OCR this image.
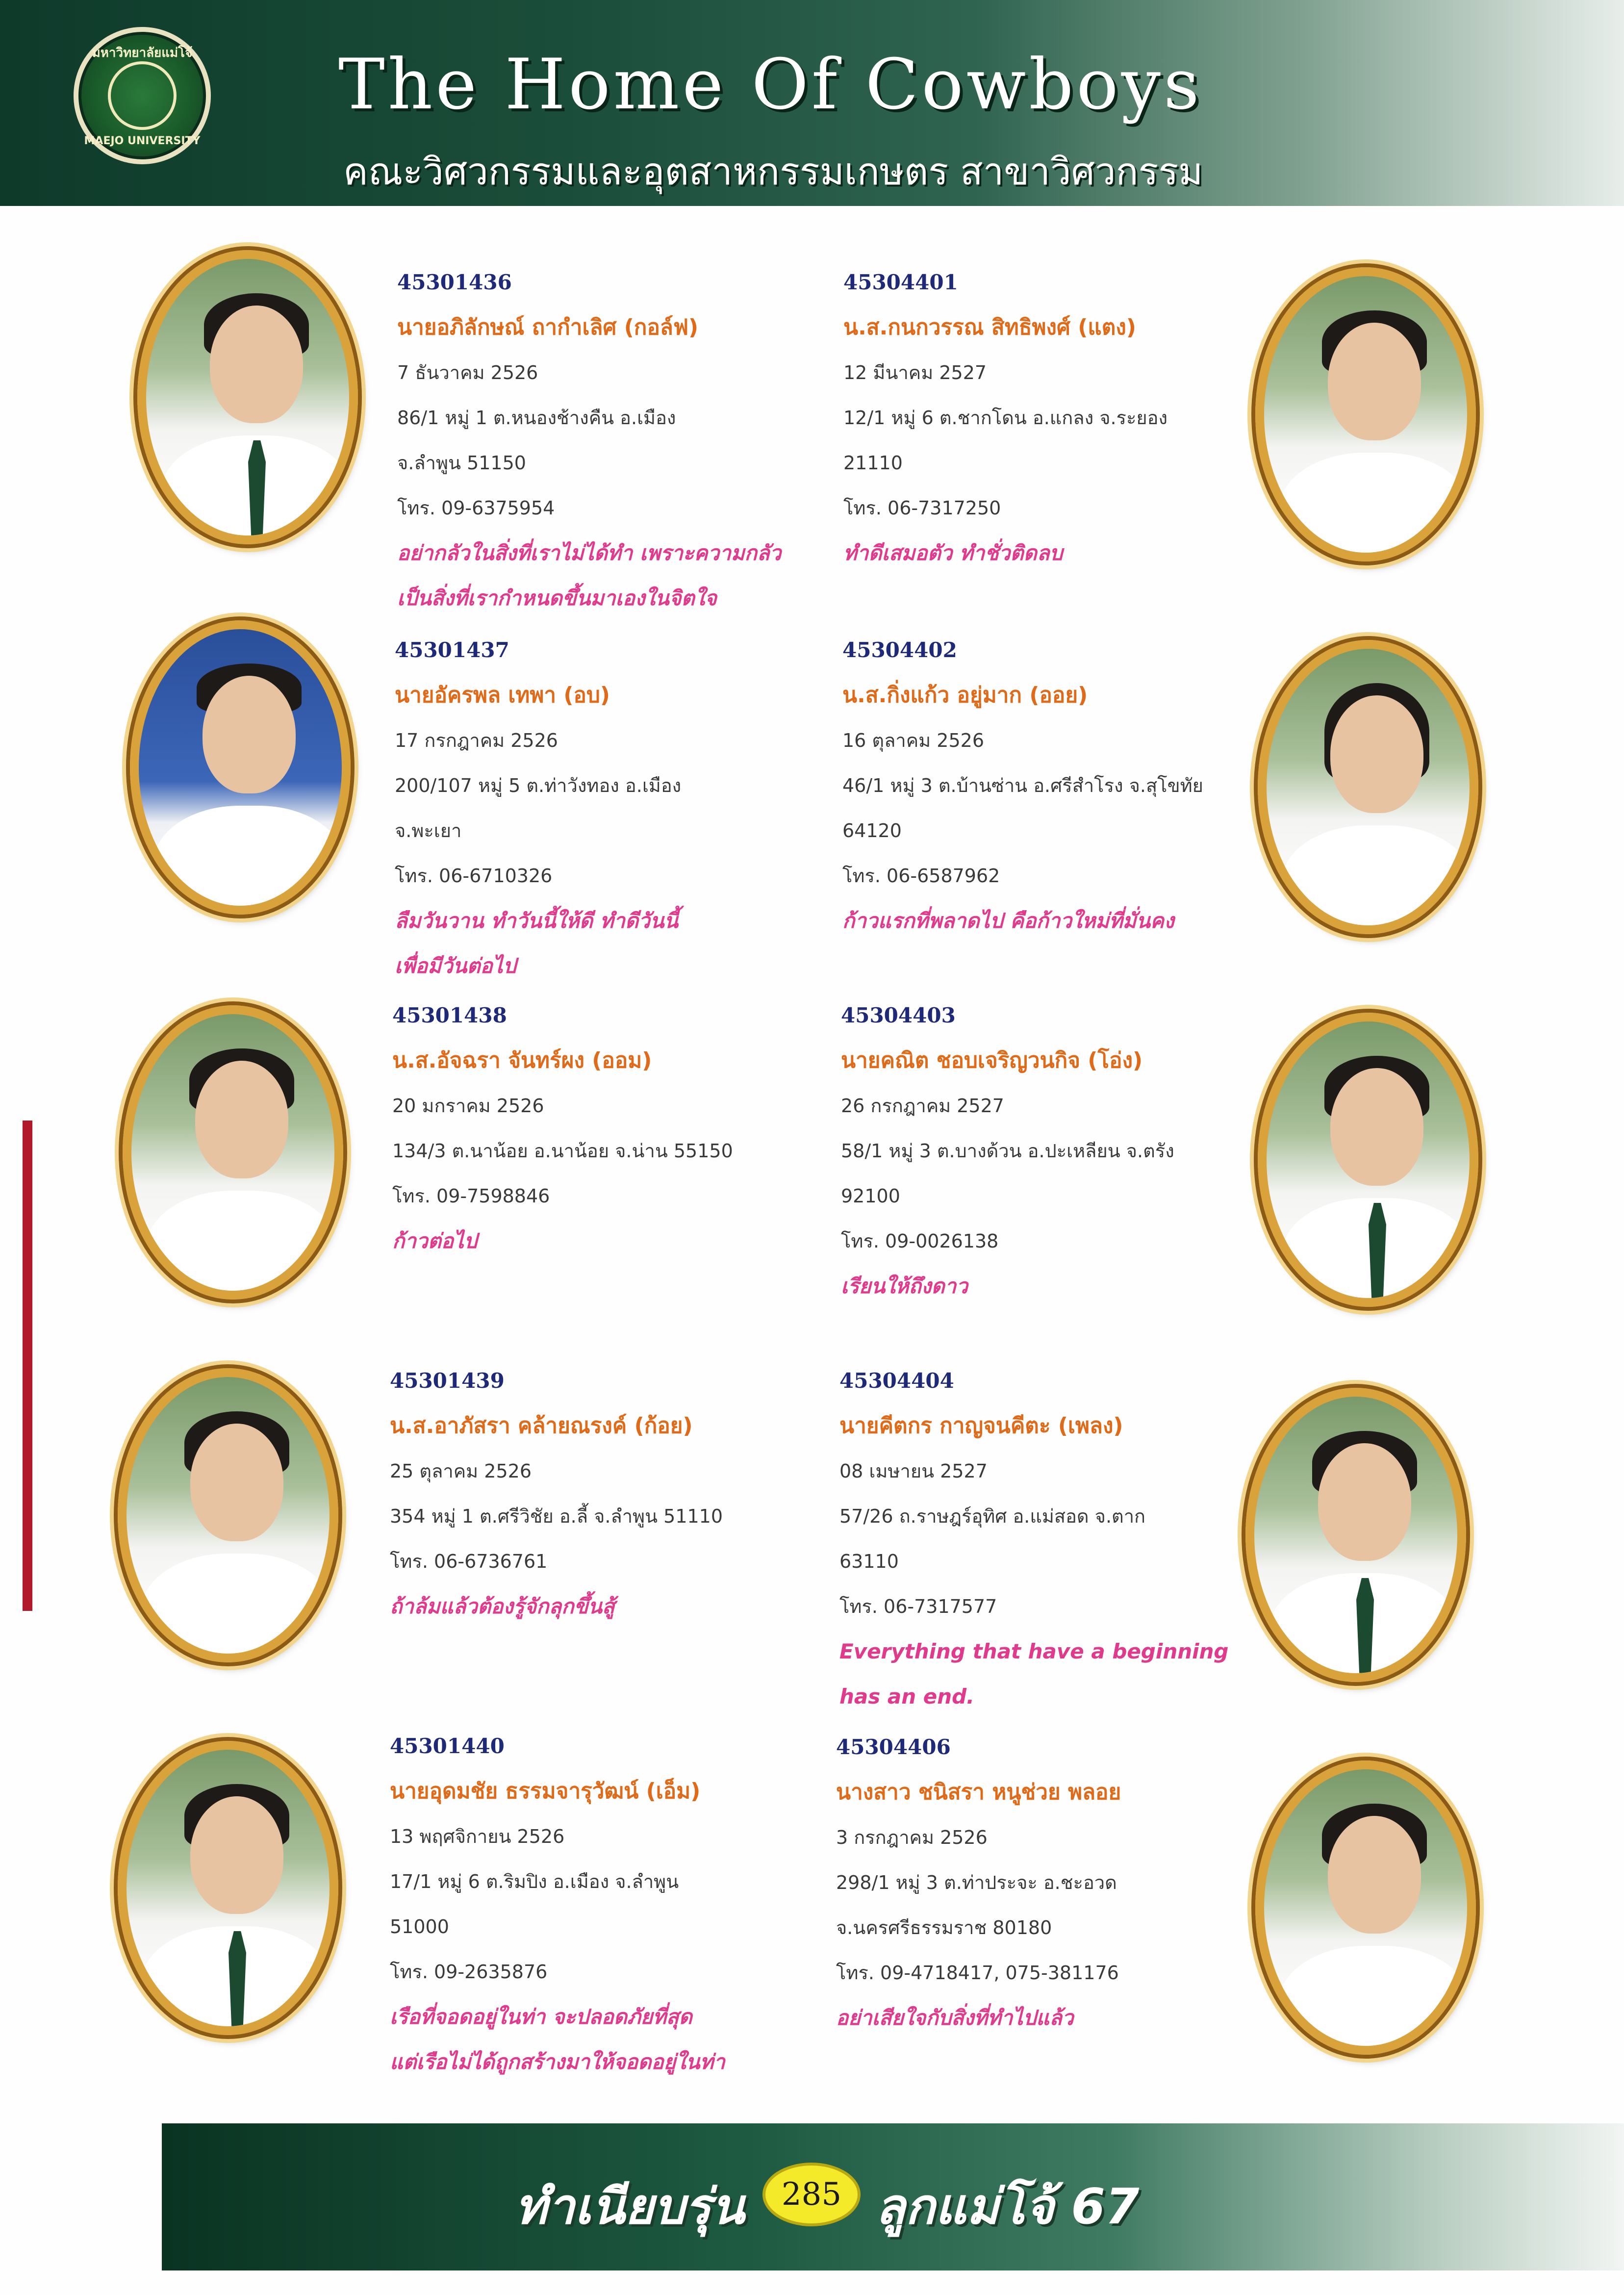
มหาวิทยาลัยแม่โจ้
MAEJO UNIVERSITY
The Home Of Cowboys
คณะวิศวกรรมและอุตสาหกรรมเกษตร สาขาวิศวกรรม
45301436
นายอภิลักษณ์ ถากำเลิศ (กอล์ฟ)
7 ธันวาคม 2526
86/1 หมู่ 1 ต.หนองช้างคืน อ.เมือง
จ.ลำพูน 51150
โทร. 09-6375954
อย่ากลัวในสิ่งที่เราไม่ได้ทำ เพราะความกลัว
เป็นสิ่งที่เรากำหนดขึ้นมาเองในจิตใจ
45301437
นายอัครพล เทพา (อบ)
17 กรกฎาคม 2526
200/107 หมู่ 5 ต.ท่าวังทอง อ.เมือง
จ.พะเยา
โทร. 06-6710326
ลืมวันวาน ทำวันนี้ให้ดี ทำดีวันนี้
เพื่อมีวันต่อไป
45301438
น.ส.อัจฉรา จันทร์ผง (ออม)
20 มกราคม 2526
134/3 ต.นาน้อย อ.นาน้อย จ.น่าน 55150
โทร. 09-7598846
ก้าวต่อไป
45301439
น.ส.อาภัสรา คล้ายณรงค์ (ก้อย)
25 ตุลาคม 2526
354 หมู่ 1 ต.ศรีวิชัย อ.ลี้ จ.ลำพูน 51110
โทร. 06-6736761
ถ้าล้มแล้วต้องรู้จักลุกขึ้นสู้
45301440
นายอุดมชัย ธรรมจารุวัฒน์ (เอ็ม)
13 พฤศจิกายน 2526
17/1 หมู่ 6 ต.ริมปิง อ.เมือง จ.ลำพูน
51000
โทร. 09-2635876
เรือที่จอดอยู่ในท่า จะปลอดภัยที่สุด
แต่เรือไม่ได้ถูกสร้างมาให้จอดอยู่ในท่า
45304401
น.ส.กนกวรรณ สิทธิพงศ์ (แตง)
12 มีนาคม 2527
12/1 หมู่ 6 ต.ชากโดน อ.แกลง จ.ระยอง
21110
โทร. 06-7317250
ทำดีเสมอตัว ทำชั่วติดลบ
45304402
น.ส.กิ่งแก้ว อยู่มาก (ออย)
16 ตุลาคม 2526
46/1 หมู่ 3 ต.บ้านซ่าน อ.ศรีสำโรง จ.สุโขทัย
64120
โทร. 06-6587962
ก้าวแรกที่พลาดไป คือก้าวใหม่ที่มั่นคง
45304403
นายคณิต ชอบเจริญวนกิจ (โอ่ง)
26 กรกฎาคม 2527
58/1 หมู่ 3 ต.บางด้วน อ.ปะเหลียน จ.ตรัง
92100
โทร. 09-0026138
เรียนให้ถึงดาว
45304404
นายคีตกร กาญจนคีตะ (เพลง)
08 เมษายน 2527
57/26 ถ.ราษฎร์อุทิศ อ.แม่สอด จ.ตาก
63110
โทร. 06-7317577
Everything that have a beginning
has an end.
45304406
นางสาว ชนิสรา หนูช่วย พลอย
3 กรกฎาคม 2526
298/1 หมู่ 3 ต.ท่าประจะ อ.ชะอวด
จ.นครศรีธรรมราช 80180
โทร. 09-4718417, 075-381176
อย่าเสียใจกับสิ่งที่ทำไปแล้ว
ทำเนียบรุ่น	285 ลูกแม่โจ้ 67
